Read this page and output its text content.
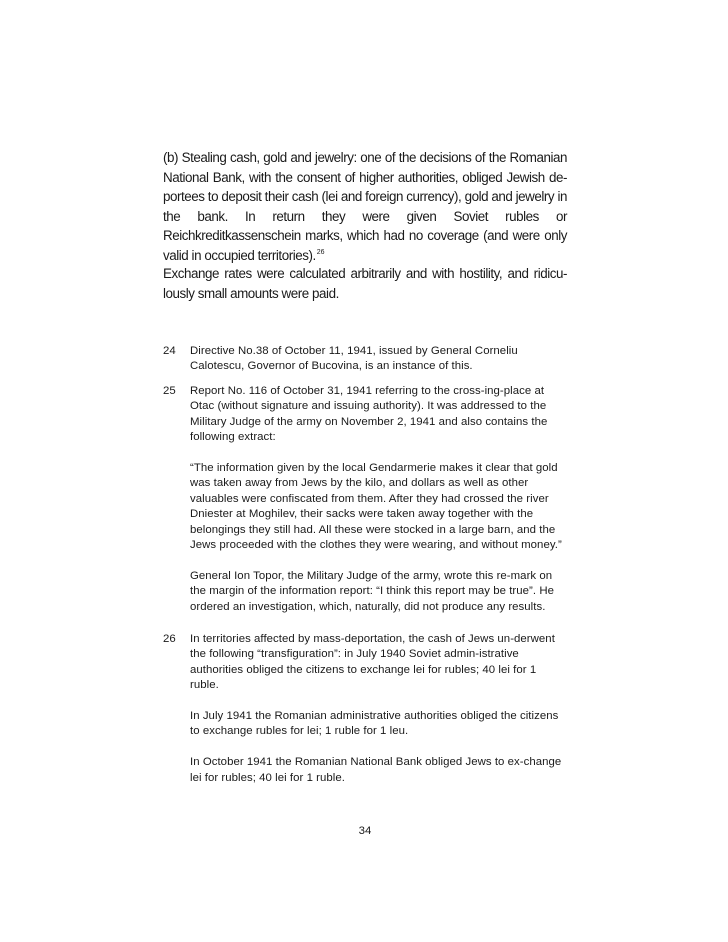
(b) Stealing cash, gold and jewelry: one of the decisions of the Romanian National Bank, with the consent of higher authorities, obliged Jewish de-portees to deposit their cash (lei and foreign currency), gold and jewelry in the bank. In return they were given Soviet rubles or Reichkreditkassenschein marks, which had no coverage (and were only valid in occupied territories).$^{26}$

Exchange rates were calculated arbitrarily and with hostility, and ridicu-lously small amounts were paid.

24 Directive No.38 of October 11, 1941, issued by General Corneliu Calotescu, Governor of Bucovina, is an instance of this.

25 Report No. 116 of October 31, 1941 referring to the cross-ing-place at Otac (without signature and issuing authority). It was addressed to the Military Judge of the army on November 2, 1941 and also contains the following extract:

“The information given by the local Gendarmerie makes it clear that gold was taken away from Jews by the kilo, and dollars as well as other valuables were confiscated from them. After they had crossed the river Dniester at Moghilev, their sacks were taken away together with the belongings they still had. All these were stocked in a large barn, and the Jews proceeded with the clothes they were wearing, and without money.”

General Ion Topor, the Military Judge of the army, wrote this re-mark on the margin of the information report: “I think this report may be true”. He ordered an investigation, which, naturally, did not produce any results.

26 In territories affected by mass-deportation, the cash of Jews un-derwent the following “transfiguration”: in July 1940 Soviet admin-istrative authorities obliged the citizens to exchange lei for rubles; 40 lei for 1 ruble.

In July 1941 the Romanian administrative authorities obliged the citizens to exchange rubles for lei; 1 ruble for 1 leu.

In October 1941 the Romanian National Bank obliged Jews to ex-change lei for rubles; 40 lei for 1 ruble.

34
